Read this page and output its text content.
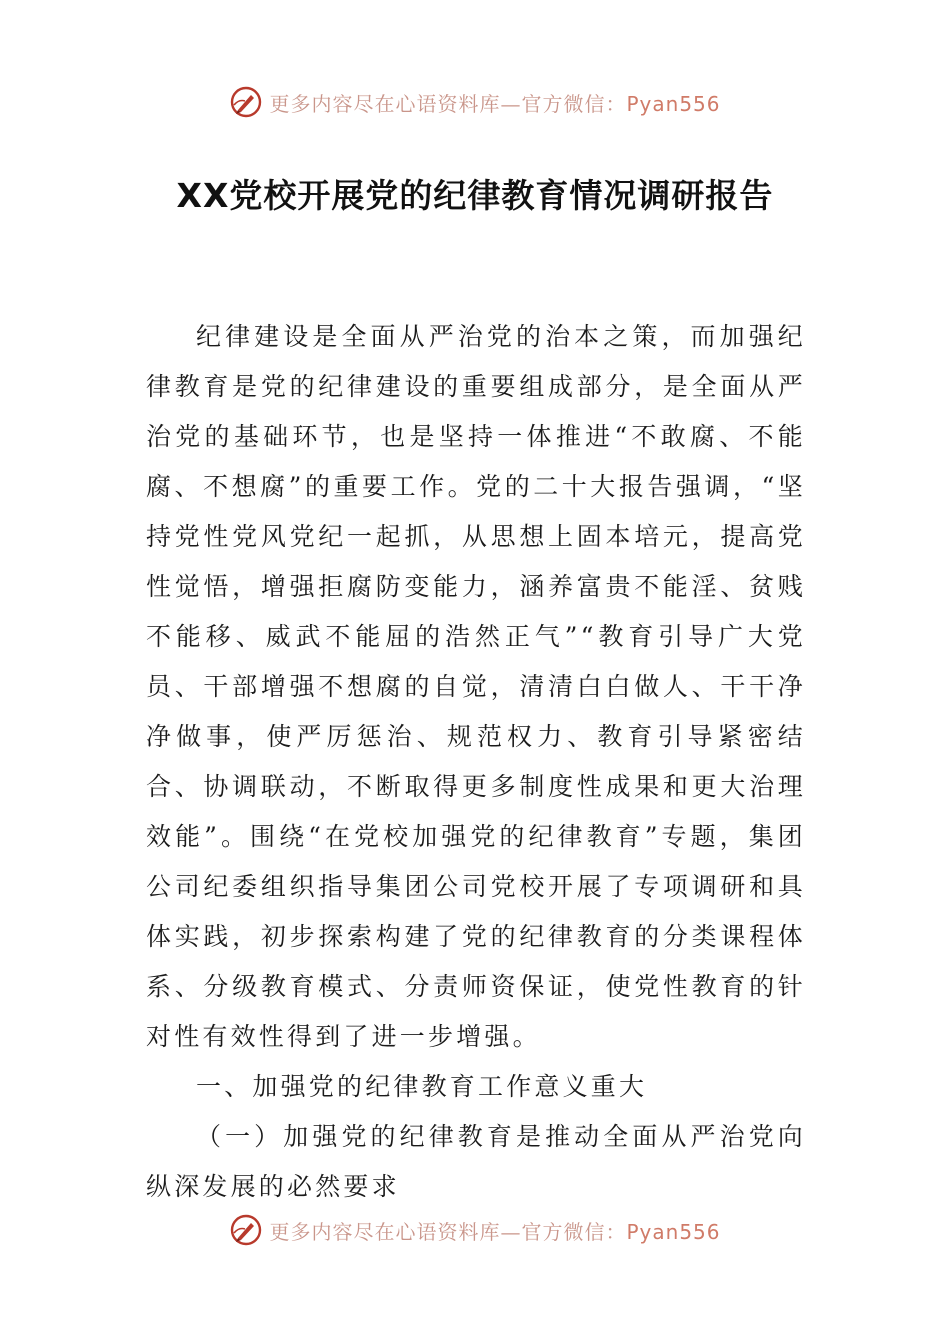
更多内容尽在心语资料库—官方微信：Pyan556
XX党校开展党的纪律教育情况调研报告

纪律建设是全面从严治党的治本之策，而加强纪律教育是党的纪律建设的重要组成部分，是全面从严治党的基础环节，也是坚持一体推进“不敢腐、不能腐、不想腐”的重要工作。党的二十大报告强调，“坚持党性党风党纪一起抓，从思想上固本培元，提高党性觉悟，增强拒腐防变能力，涵养富贵不能淫、贫贱不能移、威武不能屈的浩然正气”“教育引导广大党员、干部增强不想腐的自觉，清清白白做人、干干净净做事，使严厉惩治、规范权力、教育引导紧密结合、协调联动，不断取得更多制度性成果和更大治理效能”。围绕“在党校加强党的纪律教育”专题，集团公司纪委组织指导集团公司党校开展了专项调研和具体实践，初步探索构建了党的纪律教育的分类课程体系、分级教育模式、分责师资保证，使党性教育的针对性有效性得到了进一步增强。

一、加强党的纪律教育工作意义重大

（一）加强党的纪律教育是推动全面从严治党向纵深发展的必然要求

更多内容尽在心语资料库—官方微信：Pyan556
